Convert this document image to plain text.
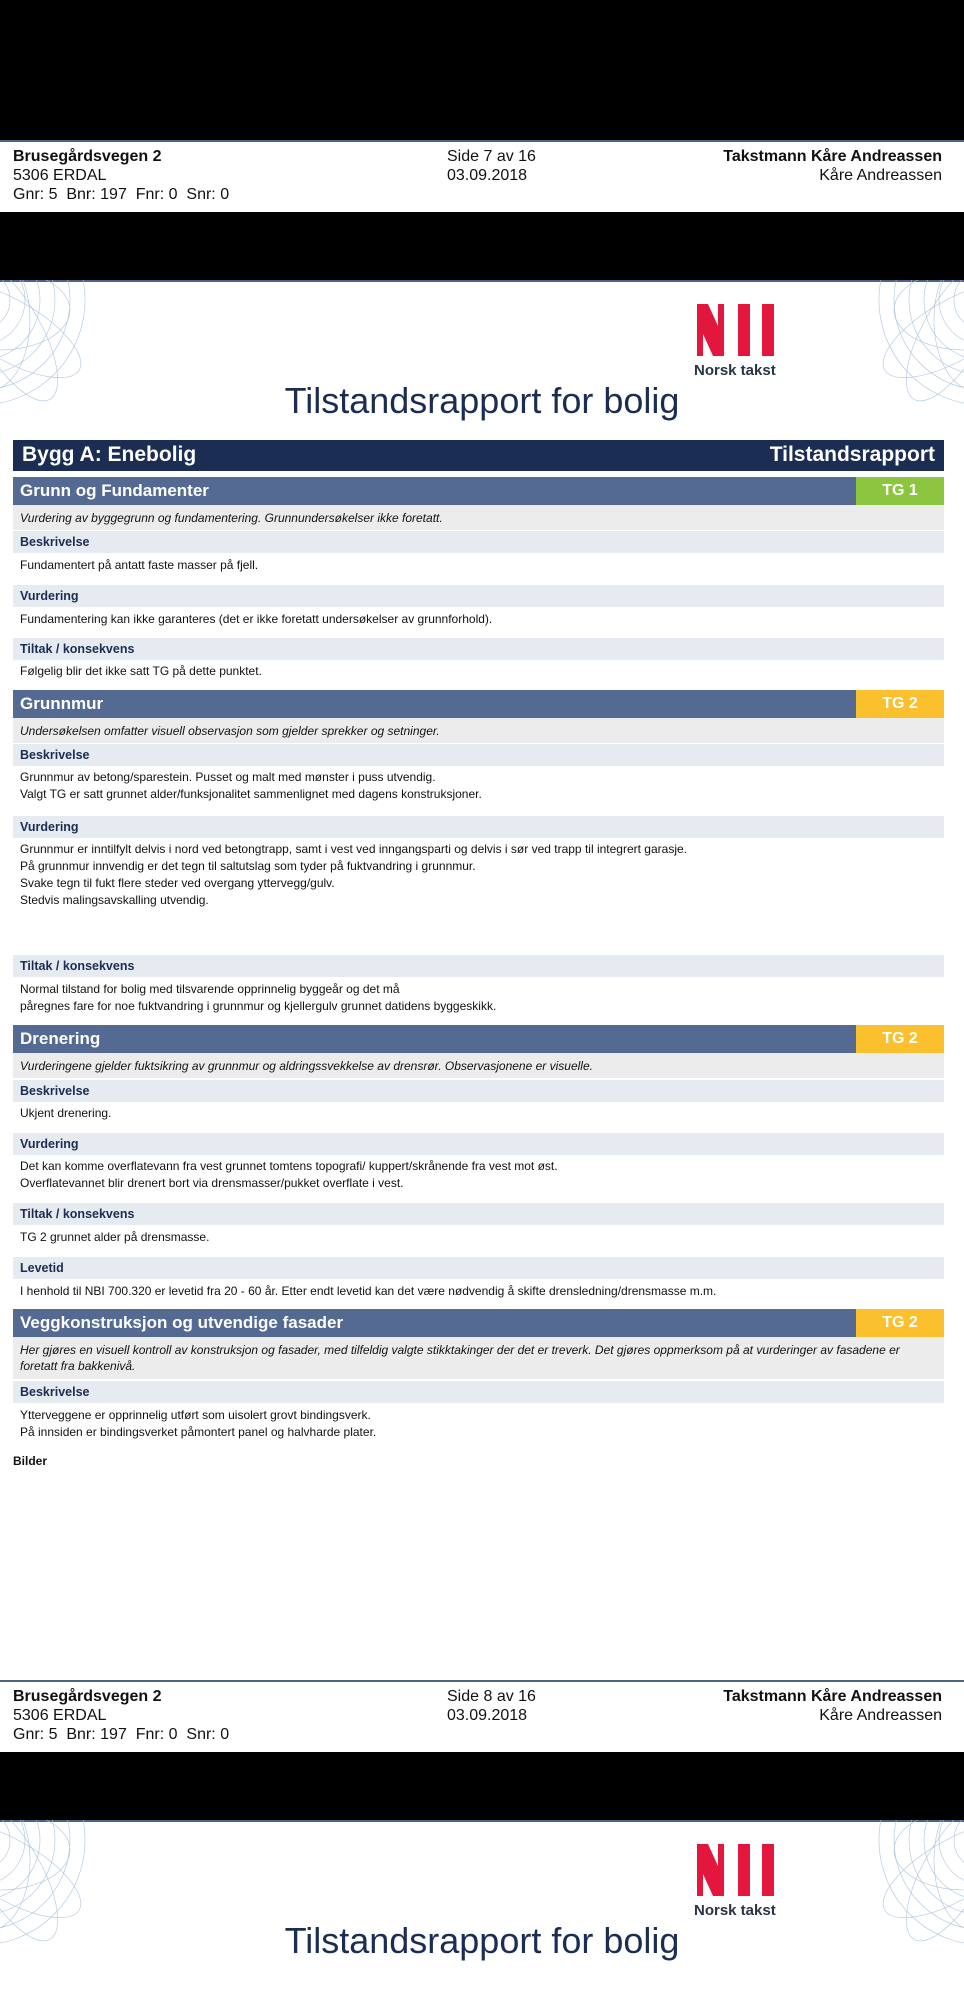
Brusegårdsvegen 2
5306 ERDAL
Gnr: 5  Bnr: 197  Fnr: 0  Snr: 0
Side 7 av 16
03.09.2018
Takstmann Kåre Andreassen
Kåre Andreassen
Norsk takst
Tilstandsrapport for bolig
Bygg A: Enebolig	Tilstandsrapport
Grunn og Fundamenter	TG 1
Vurdering av byggegrunn og fundamentering. Grunnundersøkelser ikke foretatt.
Beskrivelse
Fundamentert på antatt faste masser på fjell.
Vurdering
Fundamentering kan ikke garanteres (det er ikke foretatt undersøkelser av grunnforhold).
Tiltak / konsekvens
Følgelig blir det ikke satt TG på dette punktet.
Grunnmur	TG 2
Undersøkelsen omfatter visuell observasjon som gjelder sprekker og setninger.
Beskrivelse
Grunnmur av betong/sparestein. Pusset og malt med mønster i puss utvendig.
Valgt TG er satt grunnet alder/funksjonalitet sammenlignet med dagens konstruksjoner.
Vurdering
Grunnmur er inntilfylt delvis i nord ved betongtrapp, samt i vest ved inngangsparti og delvis i sør ved trapp til integrert garasje.
På grunnmur innvendig er det tegn til saltutslag som tyder på fuktvandring i grunnmur.
Svake tegn til fukt flere steder ved overgang yttervegg/gulv.
Stedvis malingsavskalling utvendig.
Tiltak / konsekvens
Normal tilstand for bolig med tilsvarende opprinnelig byggeår og det må
påregnes fare for noe fuktvandring i grunnmur og kjellergulv grunnet datidens byggeskikk.
Drenering	TG 2
Vurderingene gjelder fuktsikring av grunnmur og aldringssvekkelse av drensrør. Observasjonene er visuelle.
Beskrivelse
Ukjent drenering.
Vurdering
Det kan komme overflatevann fra vest grunnet tomtens topografi/ kuppert/skrånende fra vest mot øst.
Overflatevannet blir drenert bort via drensmasser/pukket overflate i vest.
Tiltak / konsekvens
TG 2 grunnet alder på drensmasse.
Levetid
I henhold til NBI 700.320 er levetid fra 20 - 60 år. Etter endt levetid kan det være nødvendig å skifte drensledning/drensmasse m.m.
Veggkonstruksjon og utvendige fasader	TG 2
Her gjøres en visuell kontroll av konstruksjon og fasader, med tilfeldig valgte stikktakinger der det er treverk. Det gjøres oppmerksom på at vurderinger av fasadene er foretatt fra bakkenivå.
Beskrivelse
Ytterveggene er opprinnelig utført som uisolert grovt bindingsverk.
På innsiden er bindingsverket påmontert panel og halvharde plater.
Bilder
Brusegårdsvegen 2
5306 ERDAL
Gnr: 5  Bnr: 197  Fnr: 0  Snr: 0
Side 8 av 16
03.09.2018
Takstmann Kåre Andreassen
Kåre Andreassen
Norsk takst
Tilstandsrapport for bolig
